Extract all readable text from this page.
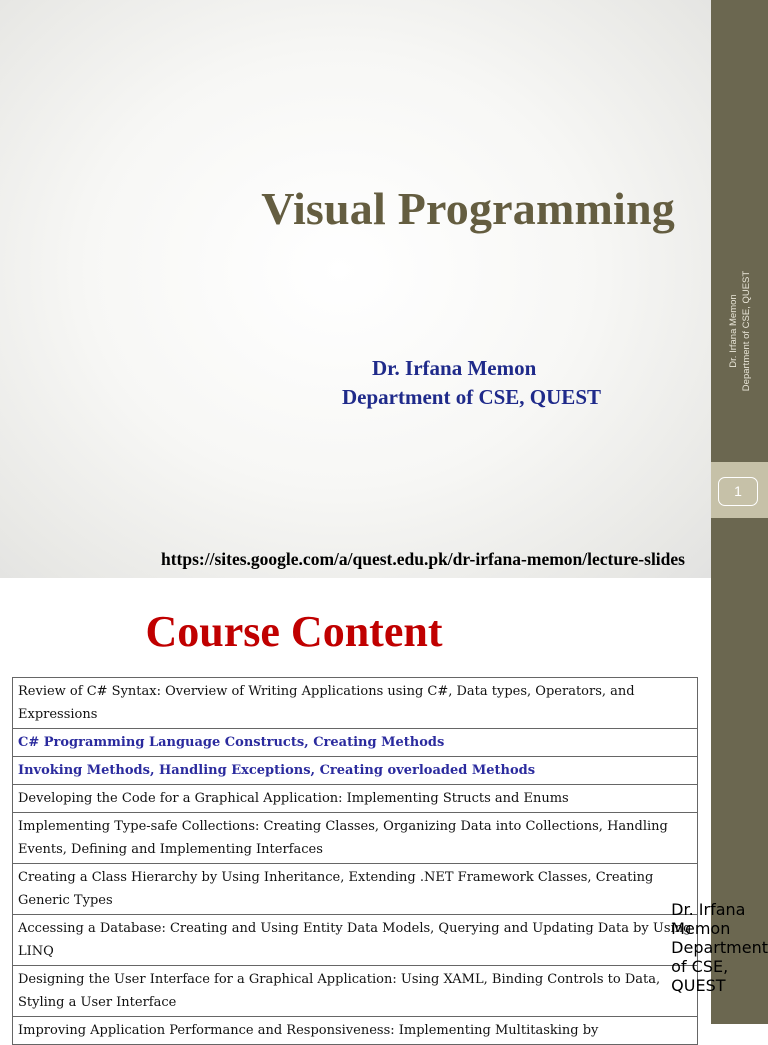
Visual Programming
Dr. Irfana Memon
Department of CSE, QUEST
https://sites.google.com/a/quest.edu.pk/dr-irfana-memon/lecture-slides
Dr. Irfana Memon Department of CSE, QUEST
1
Course Content
Review of C# Syntax: Overview of Writing Applications using C#, Data types, Operators, and Expressions
C# Programming Language Constructs, Creating Methods
Invoking Methods, Handling Exceptions, Creating overloaded Methods
Developing the Code for a Graphical Application: Implementing Structs and Enums
Implementing Type-safe Collections: Creating Classes, Organizing Data into Collections, Handling Events, Defining and Implementing Interfaces
Creating a Class Hierarchy by Using Inheritance, Extending .NET Framework Classes, Creating Generic Types
Accessing a Database: Creating and Using Entity Data Models, Querying and Updating Data by Using LINQ
Designing the User Interface for a Graphical Application: Using XAML, Binding Controls to Data, Styling a User Interface
Improving Application Performance and Responsiveness: Implementing Multitasking by
Dr. Irfana Memon Department of CSE, QUEST
